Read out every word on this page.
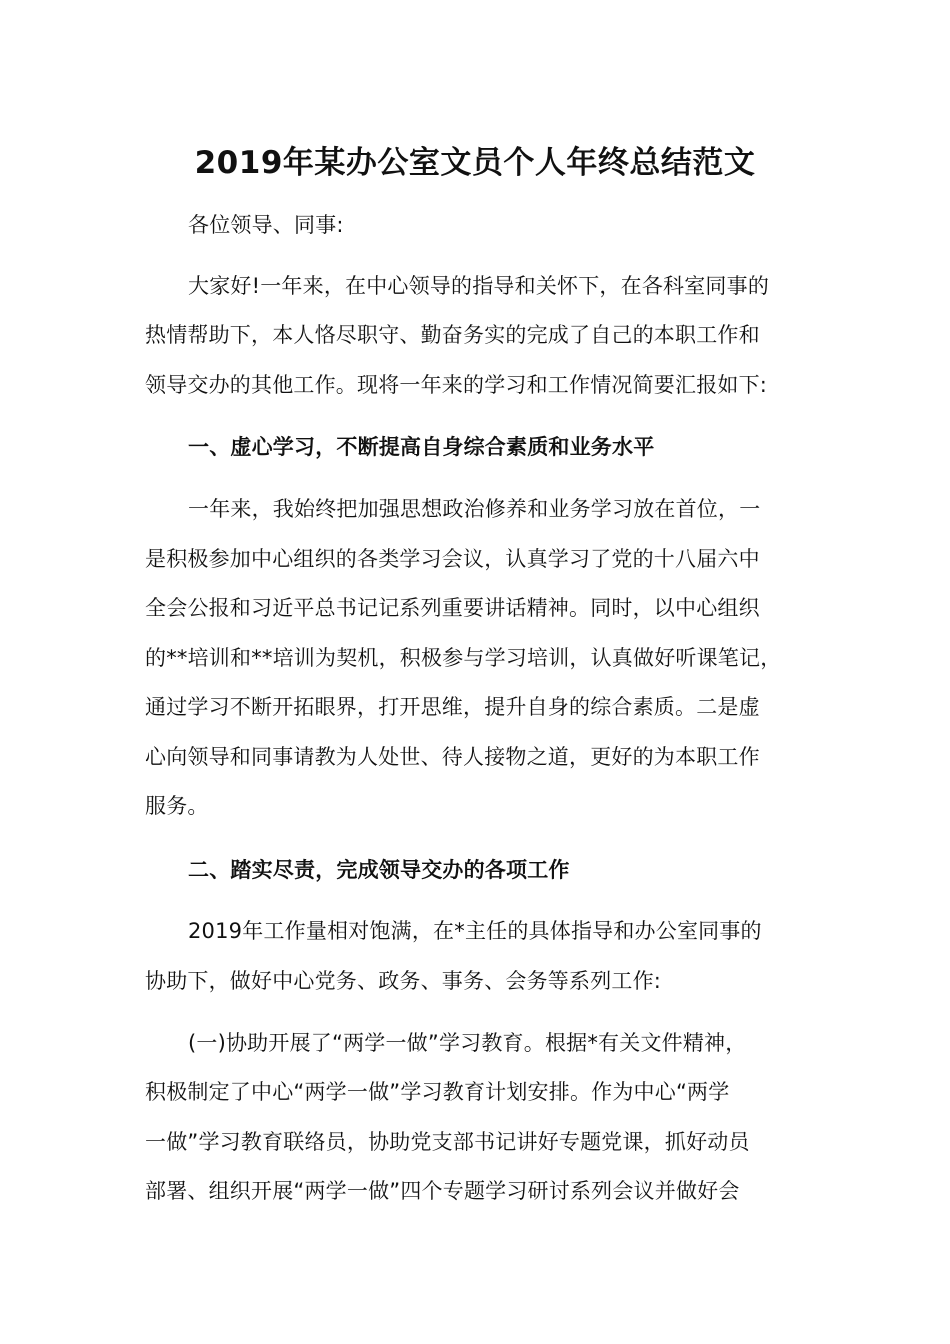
2019年某办公室文员个人年终总结范文
各位领导、同事:
大家好!一年来，在中心领导的指导和关怀下，在各科室同事的
热情帮助下，本人恪尽职守、勤奋务实的完成了自己的本职工作和
领导交办的其他工作。现将一年来的学习和工作情况简要汇报如下:
一、虚心学习，不断提高自身综合素质和业务水平
一年来，我始终把加强思想政治修养和业务学习放在首位，一
是积极参加中心组织的各类学习会议，认真学习了党的十八届六中
全会公报和习近平总书记记系列重要讲话精神。同时，以中心组织
的**培训和**培训为契机，积极参与学习培训，认真做好听课笔记，
通过学习不断开拓眼界，打开思维，提升自身的综合素质。二是虚
心向领导和同事请教为人处世、待人接物之道，更好的为本职工作
服务。
二、踏实尽责，完成领导交办的各项工作
2019年工作量相对饱满，在*主任的具体指导和办公室同事的
协助下，做好中心党务、政务、事务、会务等系列工作:
(一)协助开展了“两学一做”学习教育。根据*有关文件精神，
积极制定了中心“两学一做”学习教育计划安排。作为中心“两学
一做”学习教育联络员，协助党支部书记讲好专题党课，抓好动员
部署、组织开展“两学一做”四个专题学习研讨系列会议并做好会
